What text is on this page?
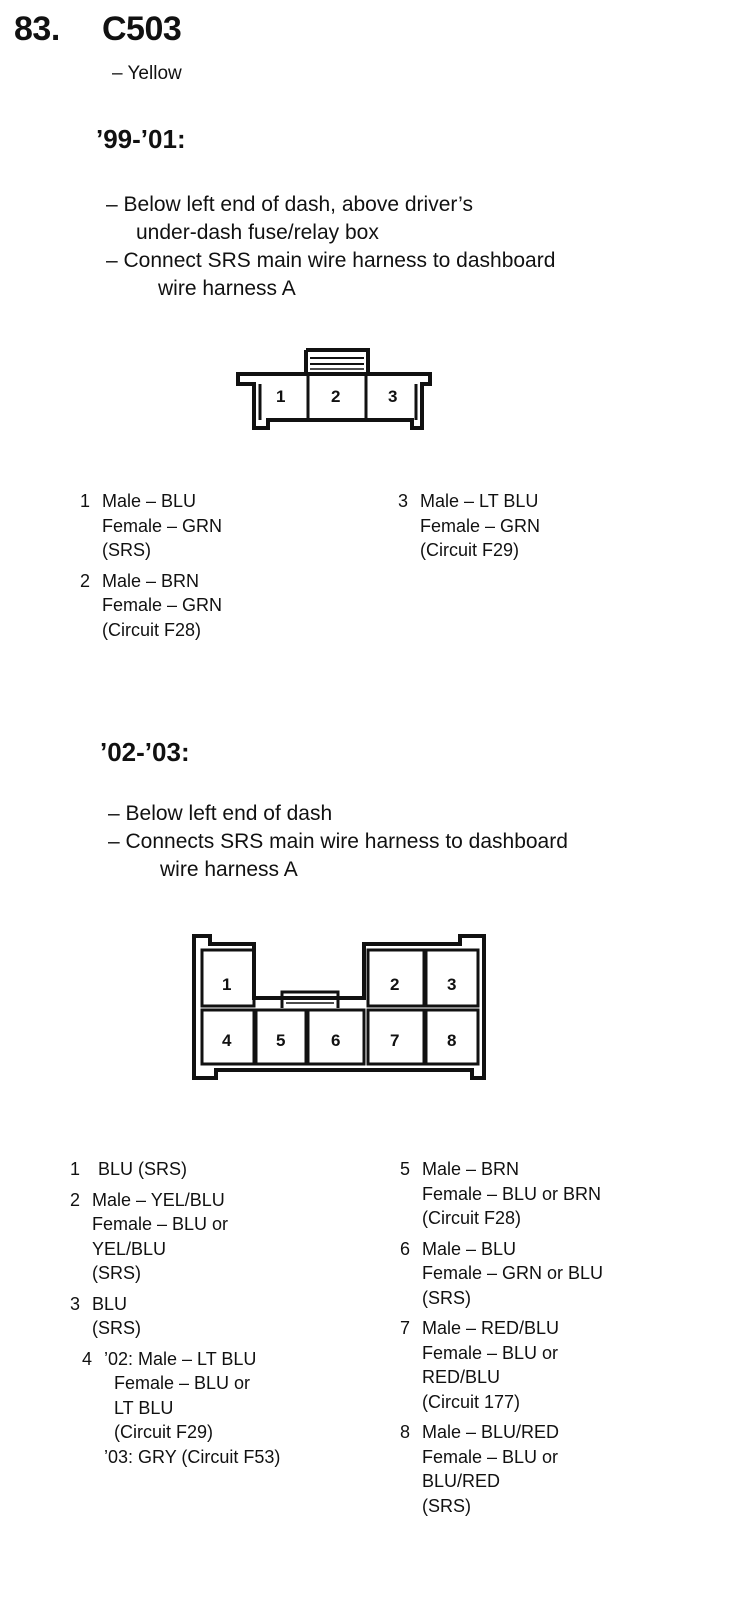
83. C503
– Yellow
’99-’01:
– Below left end of dash, above driver’s
under-dash fuse/relay box
– Connect SRS main wire harness to dashboard
wire harness A
1	2	3
1 Male – BLU
Female – GRN
(SRS)
2 Male – BRN
Female – GRN
(Circuit F28)
3 Male – LT BLU
Female – GRN
(Circuit F29)
’02-’03:
– Below left end of dash
– Connects SRS main wire harness to dashboard
wire harness A
1	2	3
4	5	6	7	8
1 BLU (SRS)
2 Male – YEL/BLU
Female – BLU or
YEL/BLU
(SRS)
3 BLU
(SRS)
4 ’02: Male – LT BLU
Female – BLU or
LT BLU
(Circuit F29)
’03: GRY (Circuit F53)
5 Male – BRN
Female – BLU or BRN
(Circuit F28)
6 Male – BLU
Female – GRN or BLU
(SRS)
7 Male – RED/BLU
Female – BLU or
RED/BLU
(Circuit 177)
8 Male – BLU/RED
Female – BLU or
BLU/RED
(SRS)
